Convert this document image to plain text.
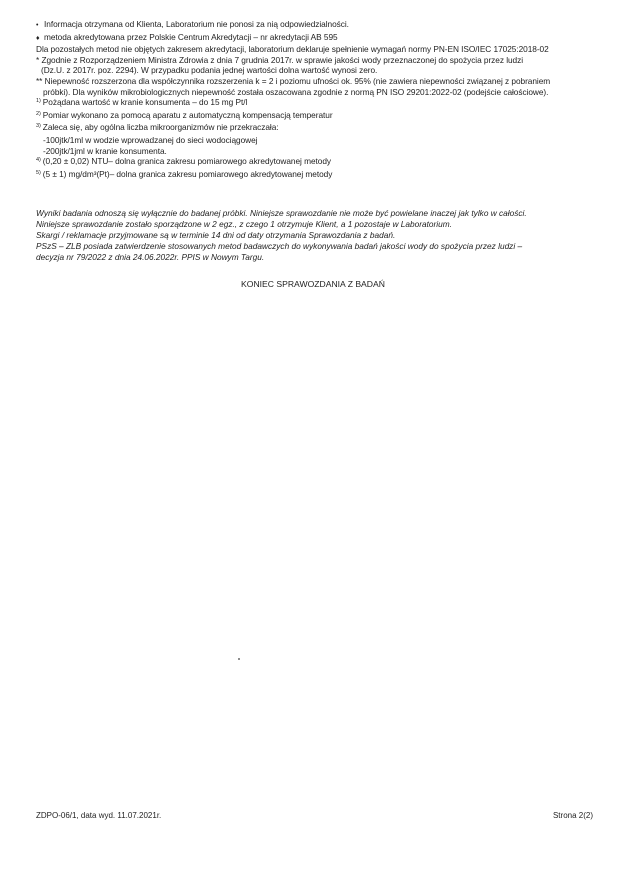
• Informacja otrzymana od Klienta, Laboratorium nie ponosi za nią odpowiedzialności.
♦ metoda akredytowana przez Polskie Centrum Akredytacji – nr akredytacji AB 595
Dla pozostałych metod nie objętych zakresem akredytacji, laboratorium deklaruje spełnienie wymagań normy PN-EN ISO/IEC 17025:2018-02
* Zgodnie z Rozporządzeniem Ministra Zdrowia z dnia 7 grudnia 2017r. w sprawie jakości wody przeznaczonej do spożycia przez ludzi
(Dz.U. z 2017r. poz. 2294). W przypadku podania jednej wartości dolna wartość wynosi zero.
** Niepewność rozszerzona dla współczynnika rozszerzenia k = 2 i poziomu ufności ok. 95% (nie zawiera niepewności związanej z pobraniem
próbki). Dla wyników mikrobiologicznych niepewność została oszacowana zgodnie z normą PN ISO 29201:2022-02 (podejście całościowe).
$^{1)}$ Pożądana wartość w kranie konsumenta – do 15 mg Pt/l
$^{2)}$ Pomiar wykonano za pomocą aparatu z automatyczną kompensacją temperatur
$^{3)}$ Zaleca się, aby ogólna liczba mikroorganizmów nie przekraczała:
-100jtk/1ml w wodzie wprowadzanej do sieci wodociągowej
-200jtk/1jml w kranie konsumenta.
$^{4)}$ (0,20 ± 0,02) NTU– dolna granica zakresu pomiarowego akredytowanej metody
$^{5)}$ (5 ± 1) mg/dm³(Pt)– dolna granica zakresu pomiarowego akredytowanej metody
Wyniki badania odnoszą się wyłącznie do badanej próbki. Niniejsze sprawozdanie nie może być powielane inaczej jak tylko w całości.
Niniejsze sprawozdanie zostało sporządzone w 2 egz., z czego 1 otrzymuje Klient, a 1 pozostaje w Laboratorium.
Skargi / reklamacje przyjmowane są w terminie 14 dni od daty otrzymania Sprawozdania z badań.
PSzS – ZLB posiada zatwierdzenie stosowanych metod badawczych do wykonywania badań jakości wody do spożycia przez ludzi –
decyzja nr 79/2022 z dnia 24.06.2022r. PPIS w Nowym Targu.
KONIEC SPRAWOZDANIA Z BADAŃ
ZDPO-06/1, data wyd. 11.07.2021r.	Strona 2(2)
